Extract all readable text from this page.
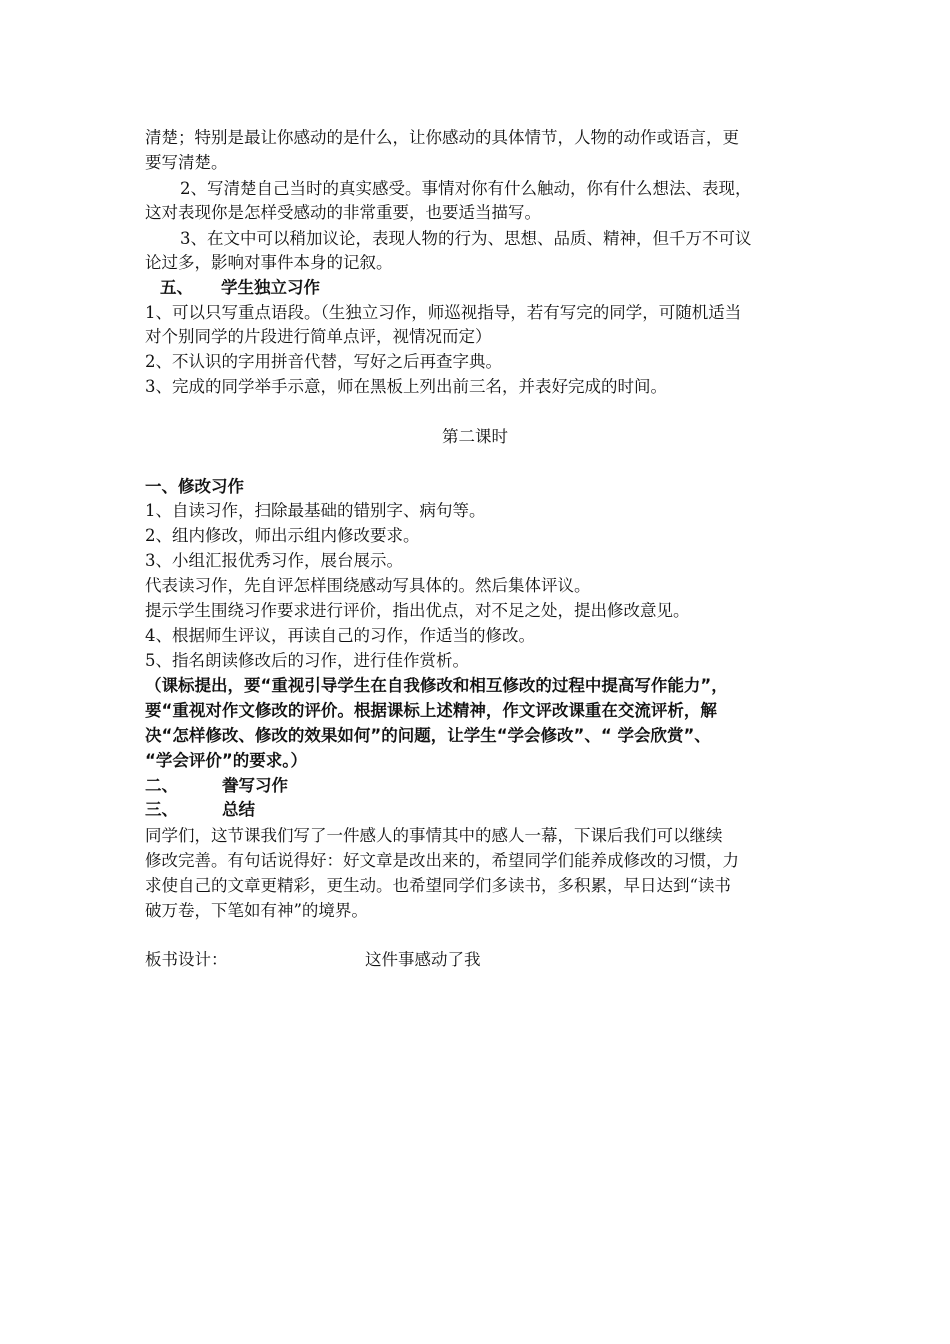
清楚；特别是最让你感动的是什么，让你感动的具体情节，人物的动作或语言，更
要写清楚。
2、写清楚自己当时的真实感受。事情对你有什么触动，你有什么想法、表现，
这对表现你是怎样受感动的非常重要，也要适当描写。
3、在文中可以稍加议论，表现人物的行为、思想、品质、精神，但千万不可议
论过多，影响对事件本身的记叙。
五、 学生独立习作
1、可以只写重点语段。（生独立习作，师巡视指导，若有写完的同学，可随机适当
对个别同学的片段进行简单点评，视情况而定）
2、不认识的字用拼音代替，写好之后再查字典。
3、完成的同学举手示意，师在黑板上列出前三名，并表好完成的时间。
第二课时
一、修改习作
1、自读习作，扫除最基础的错别字、病句等。
2、组内修改，师出示组内修改要求。
3、小组汇报优秀习作，展台展示。
代表读习作，先自评怎样围绕感动写具体的。然后集体评议。
提示学生围绕习作要求进行评价，指出优点，对不足之处，提出修改意见。
4、根据师生评议，再读自己的习作，作适当的修改。
5、指名朗读修改后的习作，进行佳作赏析。
（课标提出，要“重视引导学生在自我修改和相互修改的过程中提高写作能力”，
要“重视对作文修改的评价。根据课标上述精神，作文评改课重在交流评析，解
决“怎样修改、修改的效果如何”的问题，让学生“学会修改”、“ 学会欣赏”、
“学会评价”的要求。）
二、	誊写习作
三、	总结
同学们，这节课我们写了一件感人的事情其中的感人一幕，下课后我们可以继续
修改完善。有句话说得好：好文章是改出来的，希望同学们能养成修改的习惯，力
求使自己的文章更精彩，更生动。也希望同学们多读书，多积累，早日达到“读书
破万卷，下笔如有神”的境界。
板书设计：	这件事感动了我
